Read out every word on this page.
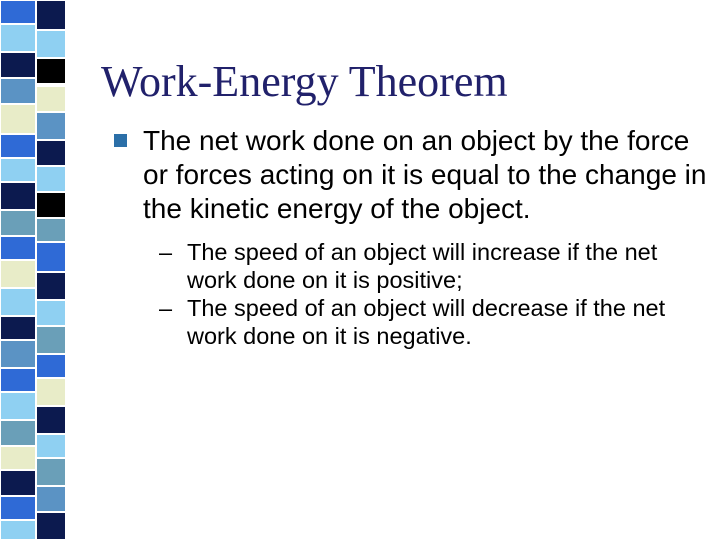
Work-Energy Theorem
The net work done on an object by the force or forces acting on it is equal to the change in the kinetic energy of the object.
– The speed of an object will increase if the net work done on it is positive;
– The speed of an object will decrease if the net work done on it is negative.
